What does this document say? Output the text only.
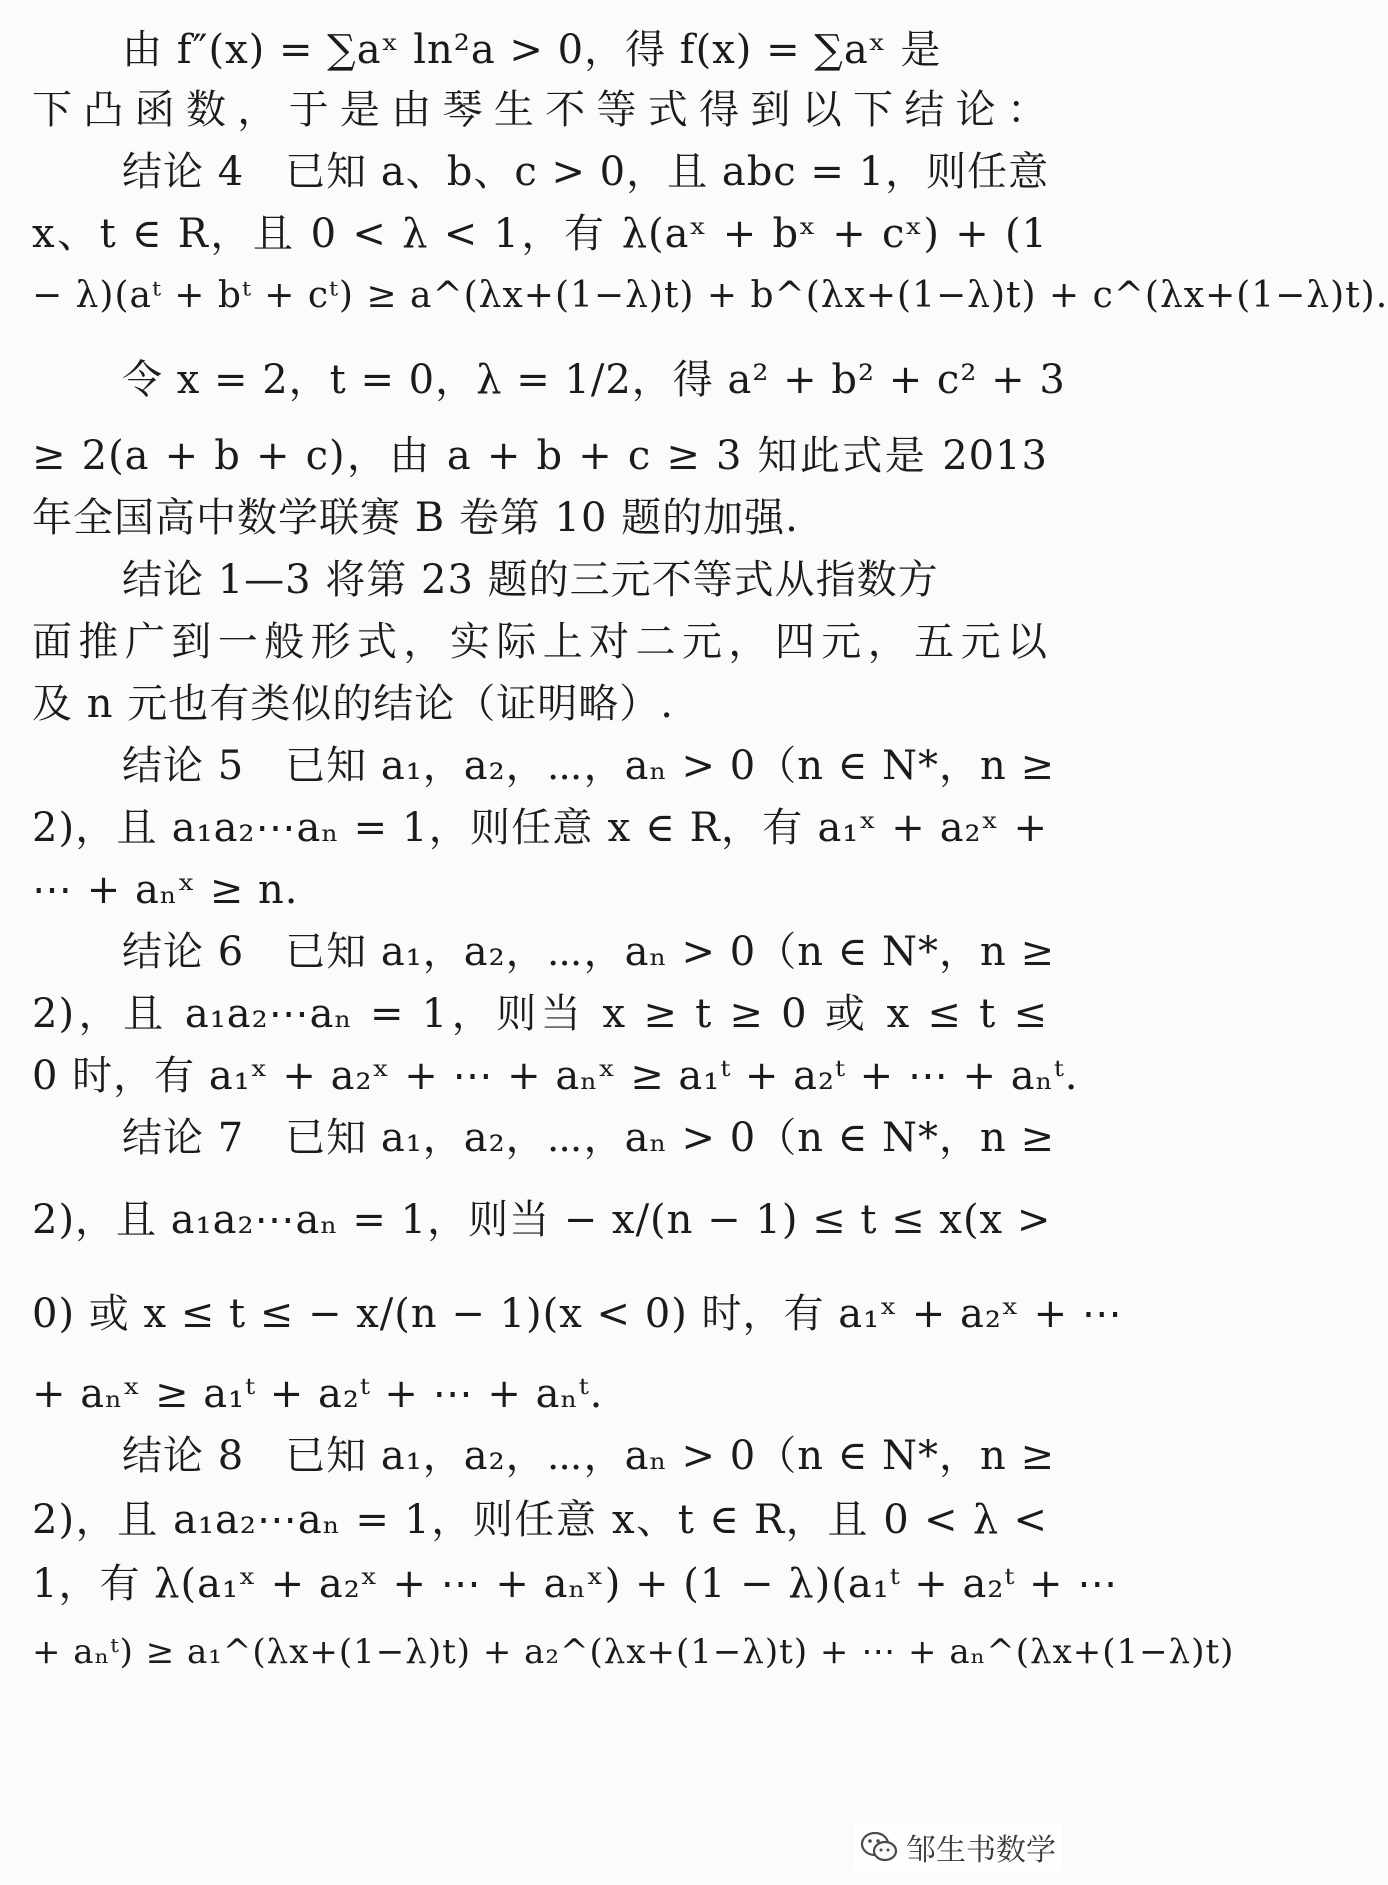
由 f″(x) = ∑aˣ ln²a > 0，得 f(x) = ∑aˣ 是
下凸函数，于是由琴生不等式得到以下结论：
结论 4　已知 a、b、c > 0，且 abc = 1，则任意
x、t ∈ R，且 0 < λ < 1，有 λ(aˣ + bˣ + cˣ) + (1
− λ)(aᵗ + bᵗ + cᵗ) ≥ a^(λx+(1−λ)t) + b^(λx+(1−λ)t) + c^(λx+(1−λ)t).
令 x = 2，t = 0，λ = 1/2，得 a² + b² + c² + 3
≥ 2(a + b + c)，由 a + b + c ≥ 3 知此式是 2013
年全国高中数学联赛 B 卷第 10 题的加强.
结论 1—3 将第 23 题的三元不等式从指数方
面推广到一般形式，实际上对二元，四元，五元以
及 n 元也有类似的结论（证明略）.
结论 5　已知 a₁，a₂，⋯，aₙ > 0（n ∈ N*，n ≥
2)，且 a₁a₂⋯aₙ = 1，则任意 x ∈ R，有 a₁ˣ + a₂ˣ +
⋯ + aₙˣ ≥ n.
结论 6　已知 a₁，a₂，⋯，aₙ > 0（n ∈ N*，n ≥
2)，且 a₁a₂⋯aₙ = 1，则当 x ≥ t ≥ 0 或 x ≤ t ≤
0 时，有 a₁ˣ + a₂ˣ + ⋯ + aₙˣ ≥ a₁ᵗ + a₂ᵗ + ⋯ + aₙᵗ.
结论 7　已知 a₁，a₂，⋯，aₙ > 0（n ∈ N*，n ≥
2)，且 a₁a₂⋯aₙ = 1，则当 − x/(n − 1) ≤ t ≤ x(x >
0) 或 x ≤ t ≤ − x/(n − 1)(x < 0) 时，有 a₁ˣ + a₂ˣ + ⋯
+ aₙˣ ≥ a₁ᵗ + a₂ᵗ + ⋯ + aₙᵗ.
结论 8　已知 a₁，a₂，⋯，aₙ > 0（n ∈ N*，n ≥
2)，且 a₁a₂⋯aₙ = 1，则任意 x、t ∈ R，且 0 < λ <
1，有 λ(a₁ˣ + a₂ˣ + ⋯ + aₙˣ) + (1 − λ)(a₁ᵗ + a₂ᵗ + ⋯
+ aₙᵗ) ≥ a₁^(λx+(1−λ)t) + a₂^(λx+(1−λ)t) + ⋯ + aₙ^(λx+(1−λ)t)
邹生书数学
